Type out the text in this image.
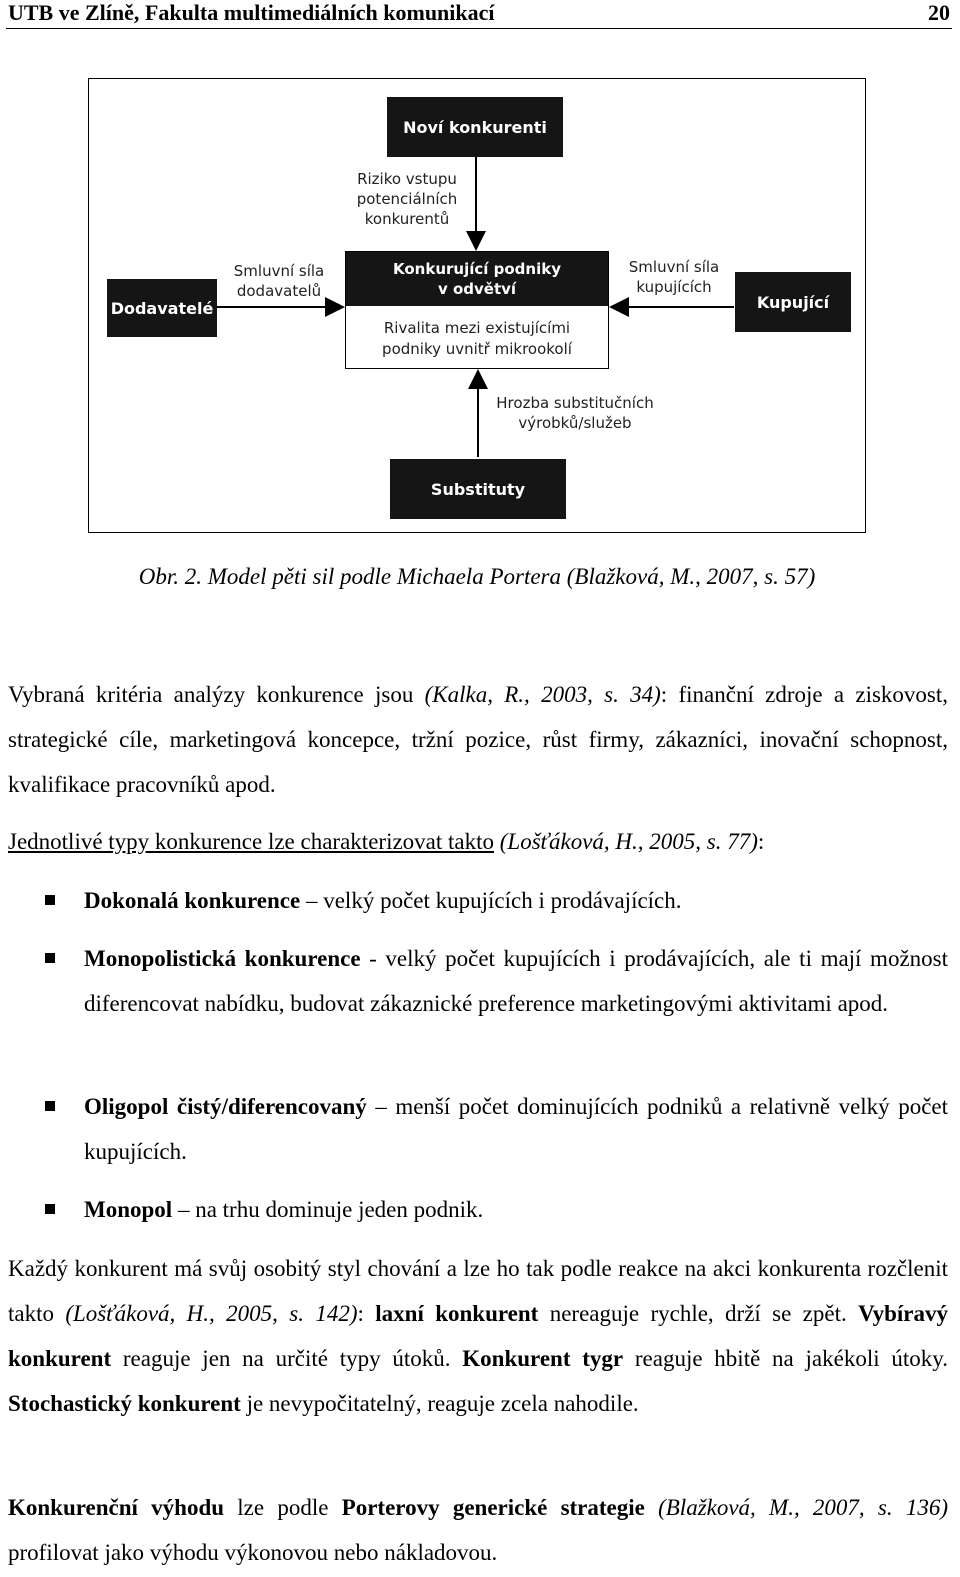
UTB ve Zlíně, Fakulta multimediálních komunikací	20
Noví konkurenti
Riziko vstupu
potenciálních
konkurentů
Dodavatelé
Smluvní síla
dodavatelů
Konkurující podniky
v odvětví
Rivalita mezi existujícími
podniky uvnitř mikrookolí
Smluvní síla
kupujících
Kupující
Hrozba substitučních
výrobků/služeb
Substituty
Obr. 2. Model pěti sil podle Michaela Portera (Blažková, M., 2007, s. 57)
Vybraná kritéria analýzy konkurence jsou (Kalka, R., 2003, s. 34): finanční zdroje a ziskovost, strategické cíle, marketingová koncepce, tržní pozice, růst firmy, zákazníci, inovační schopnost, kvalifikace pracovníků apod.
Jednotlivé typy konkurence lze charakterizovat takto (Lošťáková, H., 2005, s. 77):
Dokonalá konkurence – velký počet kupujících i prodávajících.
Monopolistická konkurence - velký počet kupujících i prodávajících, ale ti mají možnost diferencovat nabídku, budovat zákaznické preference marketingovými aktivitami apod.
Oligopol čistý/diferencovaný – menší počet dominujících podniků a relativně velký počet kupujících.
Monopol – na trhu dominuje jeden podnik.
Každý konkurent má svůj osobitý styl chování a lze ho tak podle reakce na akci konkurenta rozčlenit takto (Lošťáková, H., 2005, s. 142): laxní konkurent nereaguje rychle, drží se zpět. Vybíravý konkurent reaguje jen na určité typy útoků. Konkurent tygr reaguje hbitě na jakékoli útoky. Stochastický konkurent je nevypočitatelný, reaguje zcela nahodile.
Konkurenční výhodu lze podle Porterovy generické strategie (Blažková, M., 2007, s. 136) profilovat jako výhodu výkonovou nebo nákladovou.
